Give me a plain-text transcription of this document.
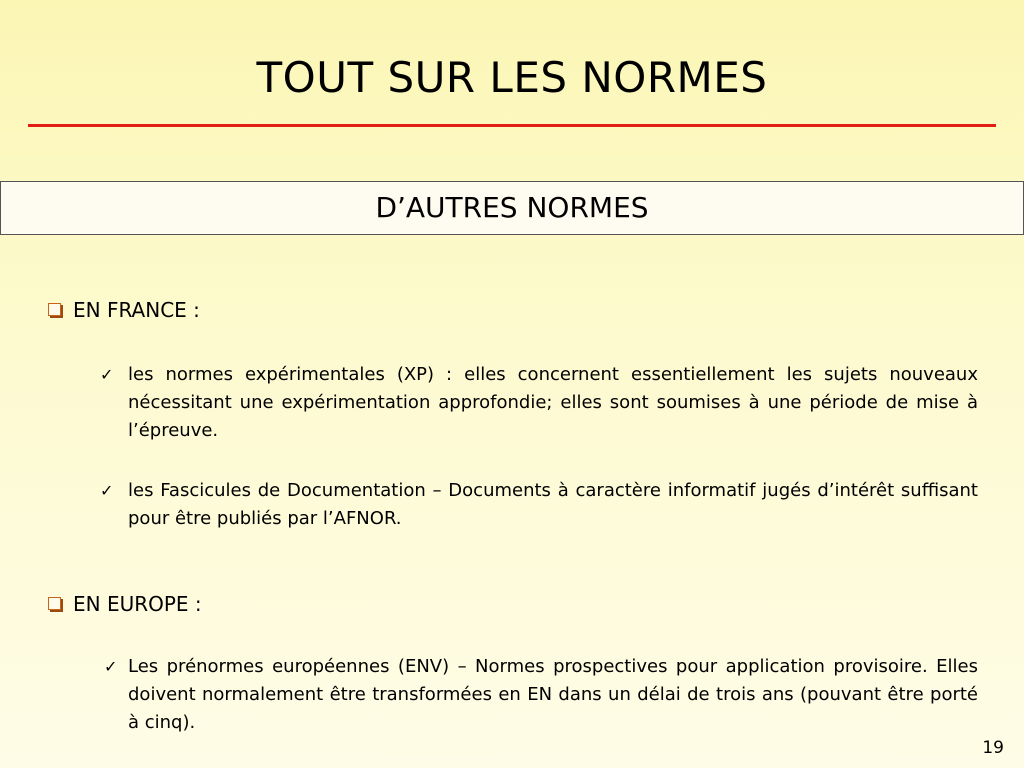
TOUT SUR LES NORMES
D’AUTRES NORMES
EN FRANCE :
✓ les normes expérimentales (XP) : elles concernent essentiellement les sujets nouveaux nécessitant une expérimentation approfondie; elles sont soumises à une période de mise à l’épreuve.
✓ les Fascicules de Documentation – Documents à caractère informatif jugés d’intérêt suffisant pour être publiés par l’AFNOR.
EN EUROPE :
✓ Les prénormes européennes (ENV) – Normes prospectives pour application provisoire. Elles doivent normalement être transformées en EN dans un délai de trois ans (pouvant être porté à cinq).
19
